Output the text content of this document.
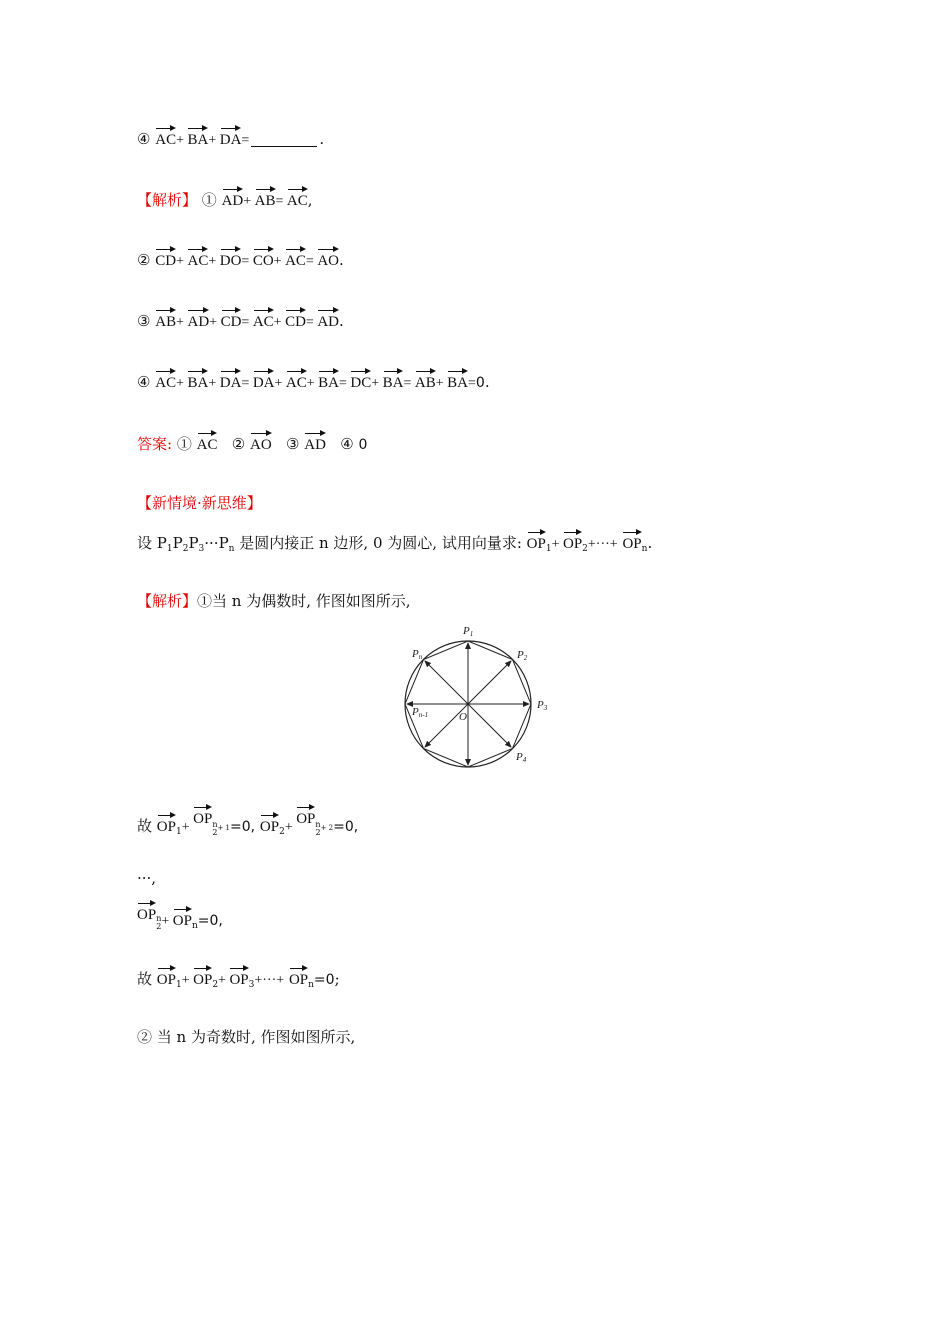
④ AC+ BA+ DA=	.
【解析】 ① AD+ AB= AC,
② CD+ AC+ DO= CO+ AC= AO.
③ AB+ AD+ CD= AC+ CD= AD.
④ AC+ BA+ DA= DA+ AC+ BA= DC+ BA= AB+ BA=0.
答案: ① AC ② AO ③ AD ④ 0
【新情境·新思维】
设 $P_1P_2P_3\cdot\cdot\cdot P_n$ 是圆内接正 n 边形, 0 为圆心, 试用向量求: $OP_1+ OP_2+\cdot\cdot\cdot+ OP_n$.
【解析】①当 n 为偶数时, 作图如图所示,
P1
P2
P3
P4
Pn
Pn-1	O
故 $OP_1+$ OPn
2+ 1=0, $OP_2+$ OPn
2+ 2=0,
···,
OPn
$2+ OP_n=0$,
故 $OP_1+ OP_2+ OP_3+\cdot\cdot\cdot+ OP_n=0$;
② 当 n 为奇数时, 作图如图所示,
